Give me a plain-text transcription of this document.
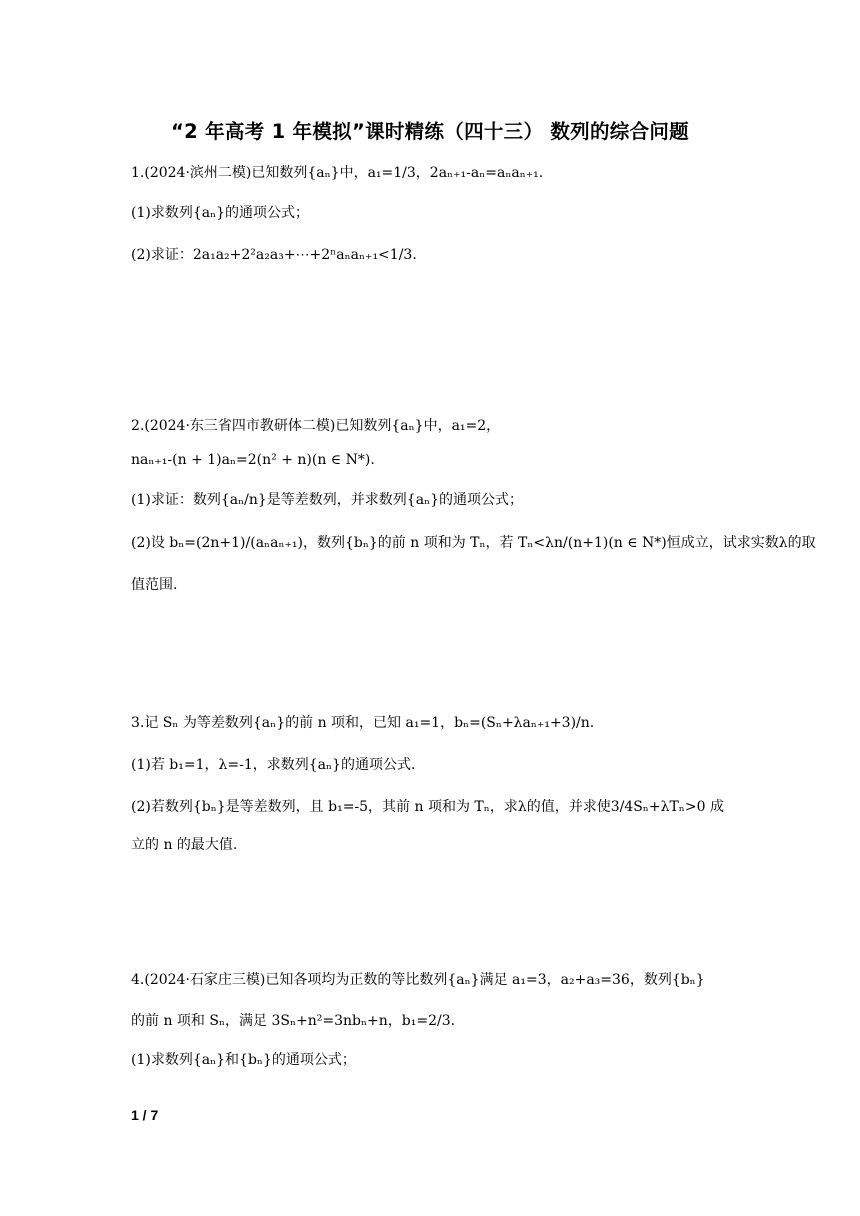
“2 年高考 1 年模拟”课时精练（四十三） 数列的综合问题
1.(2024·滨州二模)已知数列{aₙ}中，a₁=1/3，2aₙ₊₁-aₙ=aₙaₙ₊₁.
(1)求数列{aₙ}的通项公式；
(2)求证：2a₁a₂+2²a₂a₃+⋯+2ⁿaₙaₙ₊₁<1/3.
2.(2024·东三省四市教研体二模)已知数列{aₙ}中，a₁=2，
naₙ₊₁-(n + 1)aₙ=2(n² + n)(n ∈ N*).
(1)求证：数列{aₙ/n}是等差数列，并求数列{aₙ}的通项公式；
(2)设 bₙ=(2n+1)/(aₙaₙ₊₁)，数列{bₙ}的前 n 项和为 Tₙ，若 Tₙ<λn/(n+1)(n ∈ N*)恒成立，试求实数λ的取
值范围.
3.记 Sₙ 为等差数列{aₙ}的前 n 项和，已知 a₁=1，bₙ=(Sₙ+λaₙ₊₁+3)/n.
(1)若 b₁=1，λ=-1，求数列{aₙ}的通项公式.
(2)若数列{bₙ}是等差数列，且 b₁=-5，其前 n 项和为 Tₙ，求λ的值，并求使3/4Sₙ+λTₙ>0 成
立的 n 的最大值.
4.(2024·石家庄三模)已知各项均为正数的等比数列{aₙ}满足 a₁=3，a₂+a₃=36，数列{bₙ}
的前 n 项和 Sₙ，满足 3Sₙ+n²=3nbₙ+n，b₁=2/3.
(1)求数列{aₙ}和{bₙ}的通项公式；
1 / 7
